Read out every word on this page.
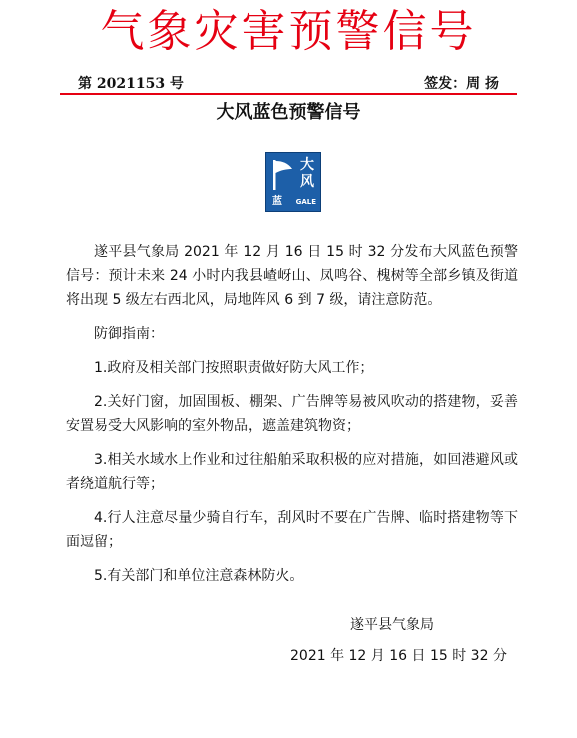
气象灾害预警信号
第 2021153 号	签发：周 扬
大风蓝色预警信号
大
风
蓝 GALE

遂平县气象局 2021 年 12 月 16 日 15 时 32 分发布大风蓝色预警信号：预计未来 24 小时内我县嵖岈山、凤鸣谷、槐树等全部乡镇及街道将出现 5 级左右西北风，局地阵风 6 到 7 级，请注意防范。

防御指南：

1.政府及相关部门按照职责做好防大风工作；

2.关好门窗，加固围板、棚架、广告牌等易被风吹动的搭建物，妥善安置易受大风影响的室外物品，遮盖建筑物资；

3.相关水域水上作业和过往船舶采取积极的应对措施，如回港避风或者绕道航行等；

4.行人注意尽量少骑自行车，刮风时不要在广告牌、临时搭建物等下面逗留；

5.有关部门和单位注意森林防火。

遂平县气象局
2021 年 12 月 16 日 15 时 32 分
